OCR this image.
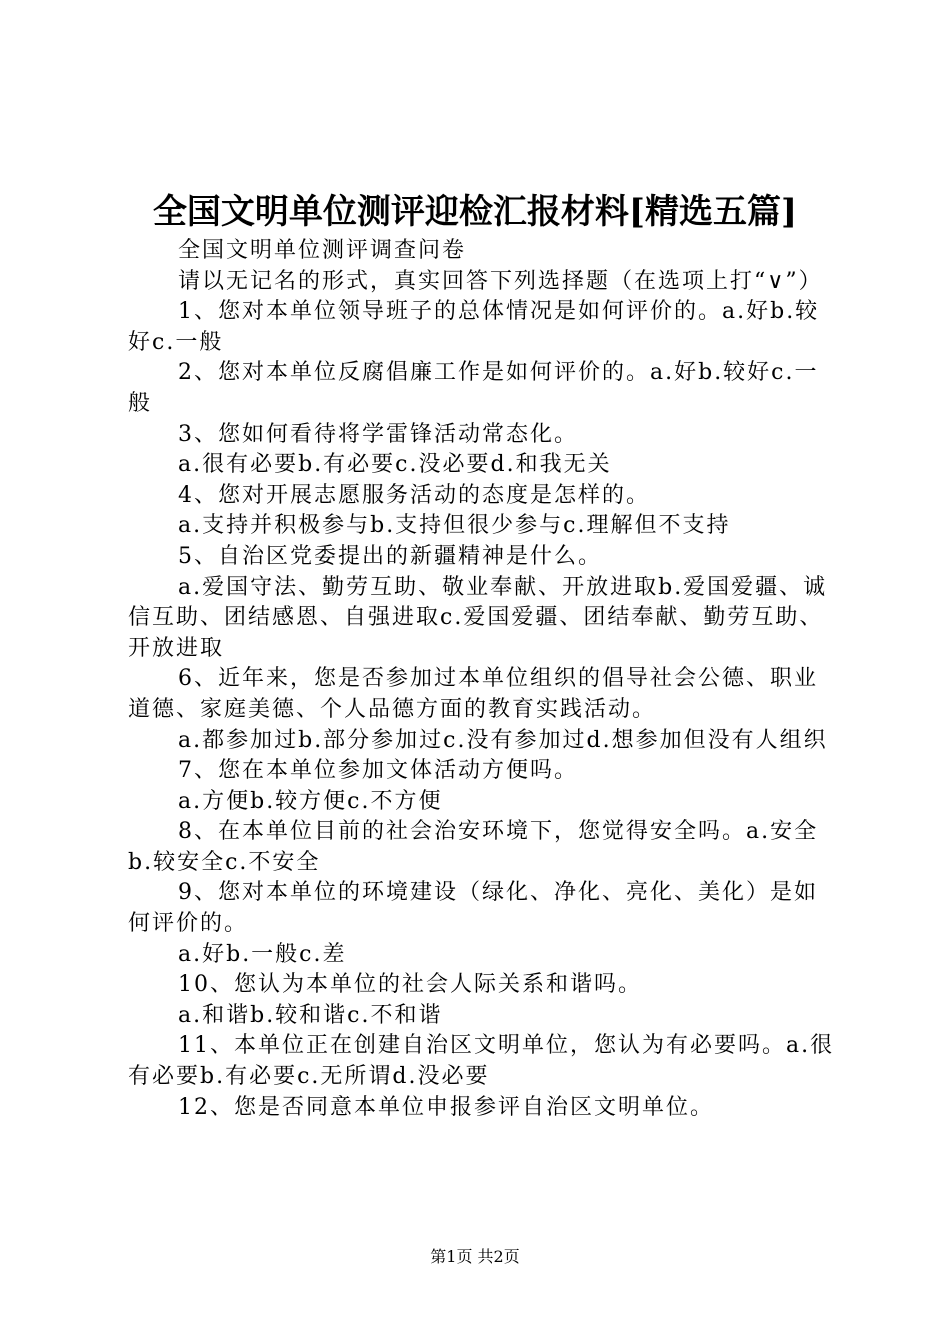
全国文明单位测评迎检汇报材料[精选五篇]

全国文明单位测评调查问卷

请以无记名的形式，真实回答下列选择题（在选项上打“∨”）

1、您对本单位领导班子的总体情况是如何评价的。a.好b.较好c.一般

2、您对本单位反腐倡廉工作是如何评价的。a.好b.较好c.一般

3、您如何看待将学雷锋活动常态化。

a.很有必要b.有必要c.没必要d.和我无关

4、您对开展志愿服务活动的态度是怎样的。

a.支持并积极参与b.支持但很少参与c.理解但不支持

5、自治区党委提出的新疆精神是什么。

a.爱国守法、勤劳互助、敬业奉献、开放进取b.爱国爱疆、诚信互助、团结感恩、自强进取c.爱国爱疆、团结奉献、勤劳互助、开放进取

6、近年来，您是否参加过本单位组织的倡导社会公德、职业道德、家庭美德、个人品德方面的教育实践活动。

a.都参加过b.部分参加过c.没有参加过d.想参加但没有人组织

7、您在本单位参加文体活动方便吗。

a.方便b.较方便c.不方便

8、在本单位目前的社会治安环境下，您觉得安全吗。a.安全b.较安全c.不安全

9、您对本单位的环境建设（绿化、净化、亮化、美化）是如何评价的。

a.好b.一般c.差

10、您认为本单位的社会人际关系和谐吗。

a.和谐b.较和谐c.不和谐

11、本单位正在创建自治区文明单位，您认为有必要吗。a.很有必要b.有必要c.无所谓d.没必要

12、您是否同意本单位申报参评自治区文明单位。

第1页 共2页
